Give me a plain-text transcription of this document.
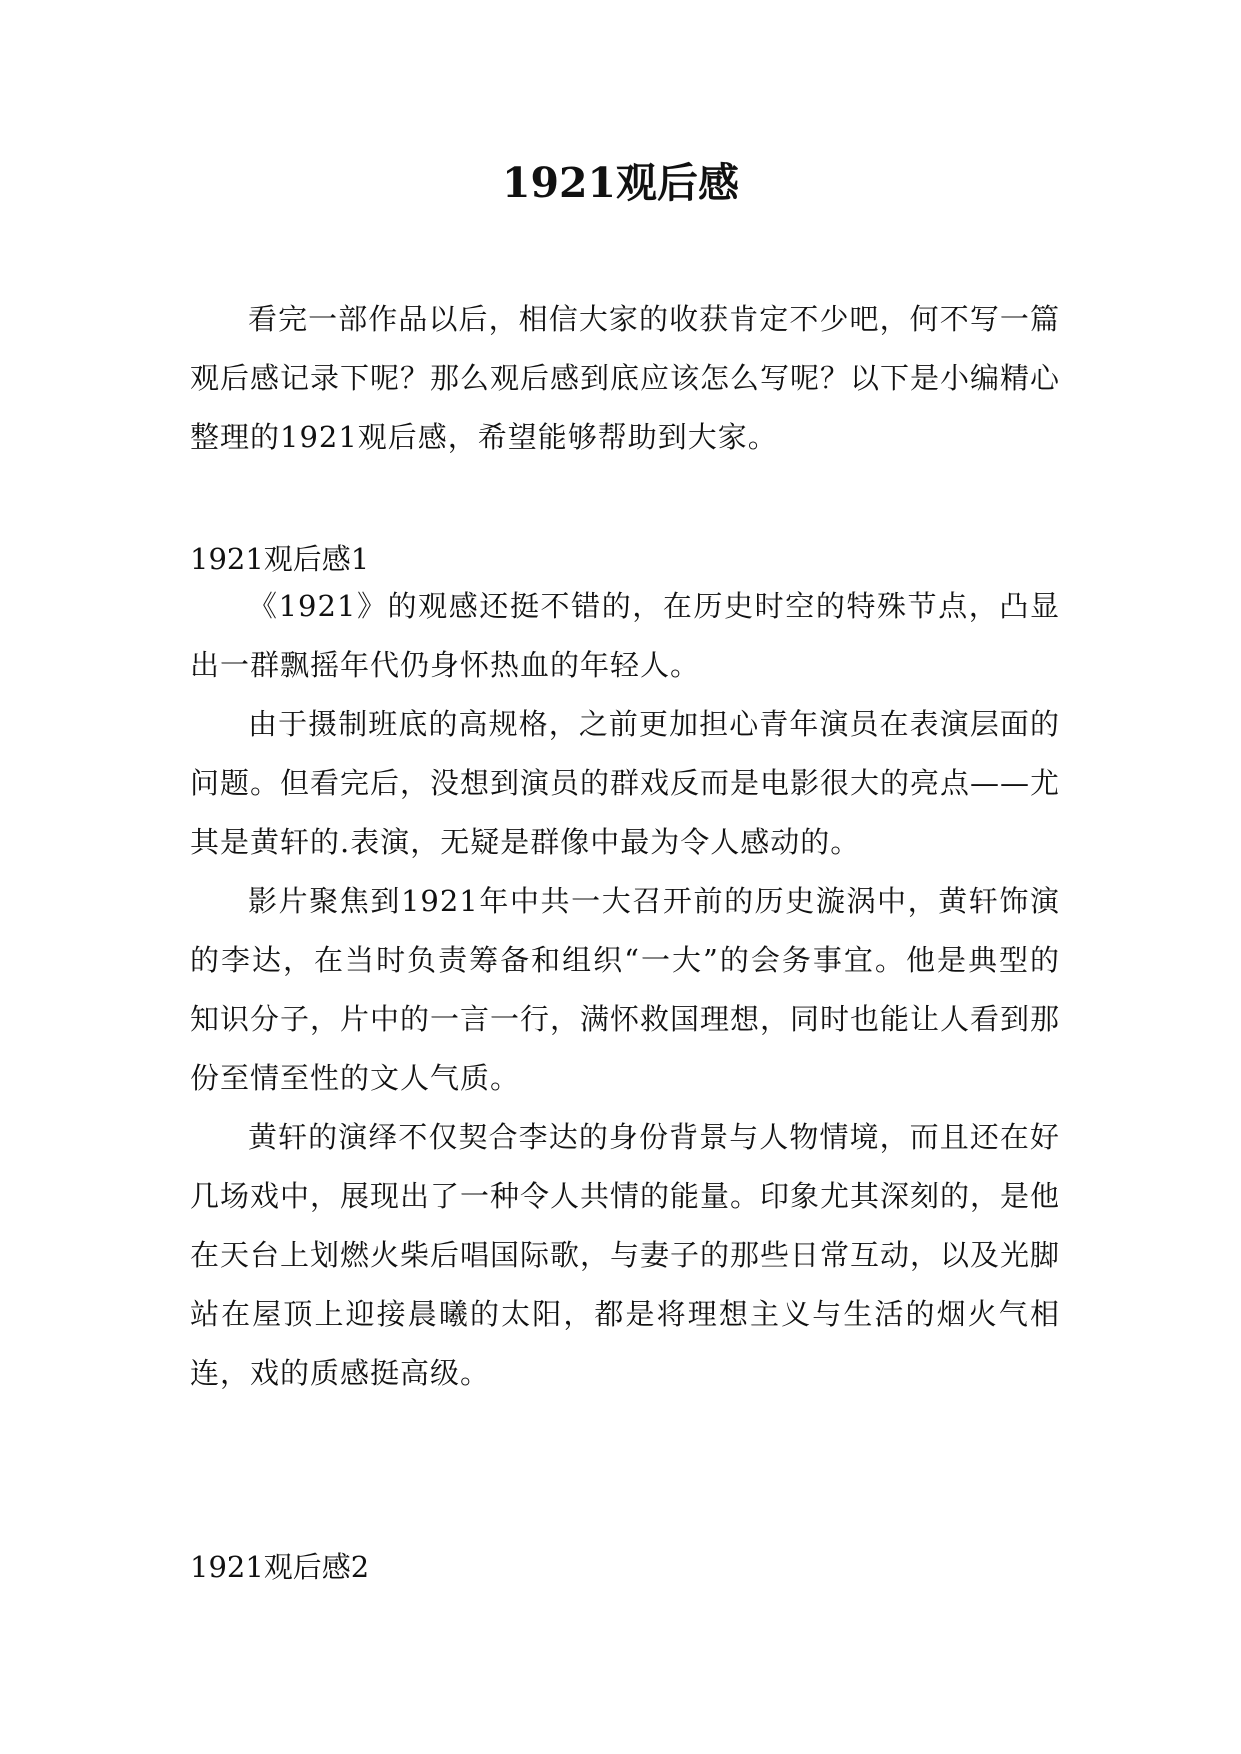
1921观后感

看完一部作品以后，相信大家的收获肯定不少吧，何不写一篇观后感记录下呢？那么观后感到底应该怎么写呢？以下是小编精心整理的1921观后感，希望能够帮助到大家。

1921观后感1

《1921》的观感还挺不错的，在历史时空的特殊节点，凸显出一群飘摇年代仍身怀热血的年轻人。

由于摄制班底的高规格，之前更加担心青年演员在表演层面的问题。但看完后，没想到演员的群戏反而是电影很大的亮点——尤其是黄轩的.表演，无疑是群像中最为令人感动的。

影片聚焦到1921年中共一大召开前的历史漩涡中，黄轩饰演的李达，在当时负责筹备和组织“一大”的会务事宜。他是典型的知识分子，片中的一言一行，满怀救国理想，同时也能让人看到那份至情至性的文人气质。

黄轩的演绎不仅契合李达的身份背景与人物情境，而且还在好几场戏中，展现出了一种令人共情的能量。印象尤其深刻的，是他在天台上划燃火柴后唱国际歌，与妻子的那些日常互动，以及光脚站在屋顶上迎接晨曦的太阳，都是将理想主义与生活的烟火气相连，戏的质感挺高级。

1921观后感2
